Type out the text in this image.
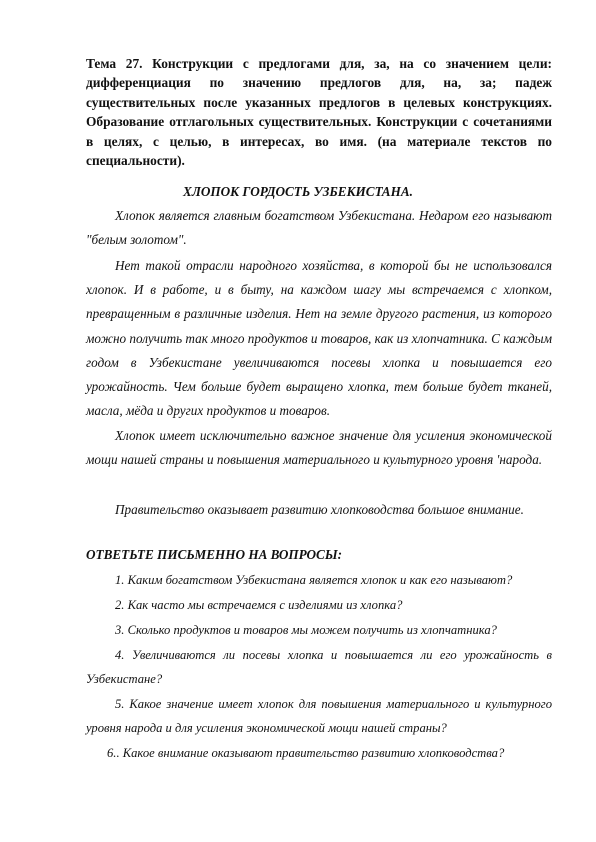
Тема 27. Конструкции с предлогами для, за, на со значением цели: дифференциация по значению предлогов для, на, за; падеж существительных после указанных предлогов в целевых конструкциях. Образование отглагольных существительных. Конструкции с сочетаниями в целях, с целью, в интересах, во имя. (на материале текстов по специальности).

ХЛОПОК ГОРДОСТЬ УЗБЕКИСТАНА.

Хлопок является главным богатством Узбекистана. Недаром его называют "белым золотом".

Нет такой отрасли народного хозяйства, в которой бы не использовался хлопок. И в работе, и в быту, на каждом шагу мы встречаемся с хлопком, превращенным в различные изделия. Нет на земле другого растения, из которого можно получить так много продуктов и товаров, как из хлопчатника. С каждым годом в Узбекистане увеличиваются посевы хлопка и повышается его урожайность. Чем больше будет выращено хлопка, тем больше будет тканей, масла, мёда и других продуктов и товаров.

Хлопок имеет исключительно важное значение для усиления экономической мощи нашей страны и повышения материального и культурного уровня 'народа.

Правительство оказывает развитию хлопководства большое внимание.

ОТВЕТЬТЕ ПИСЬМЕННО НА ВОПРОСЫ:

1. Каким богатством Узбекистана является хлопок и как его называют?

2. Как часто мы встречаемся с изделиями из хлопка?

3. Сколько продуктов и товаров мы можем получить из хлопчатника?

4. Увеличиваются ли посевы хлопка и повышается ли его урожайность в Узбекистане?

5. Какое значение имеет хлопок для повышения материального и культурного уровня народа и для усиления экономической мощи нашей страны?

6.. Какое внимание оказывают правительство развитию хлопководства?
